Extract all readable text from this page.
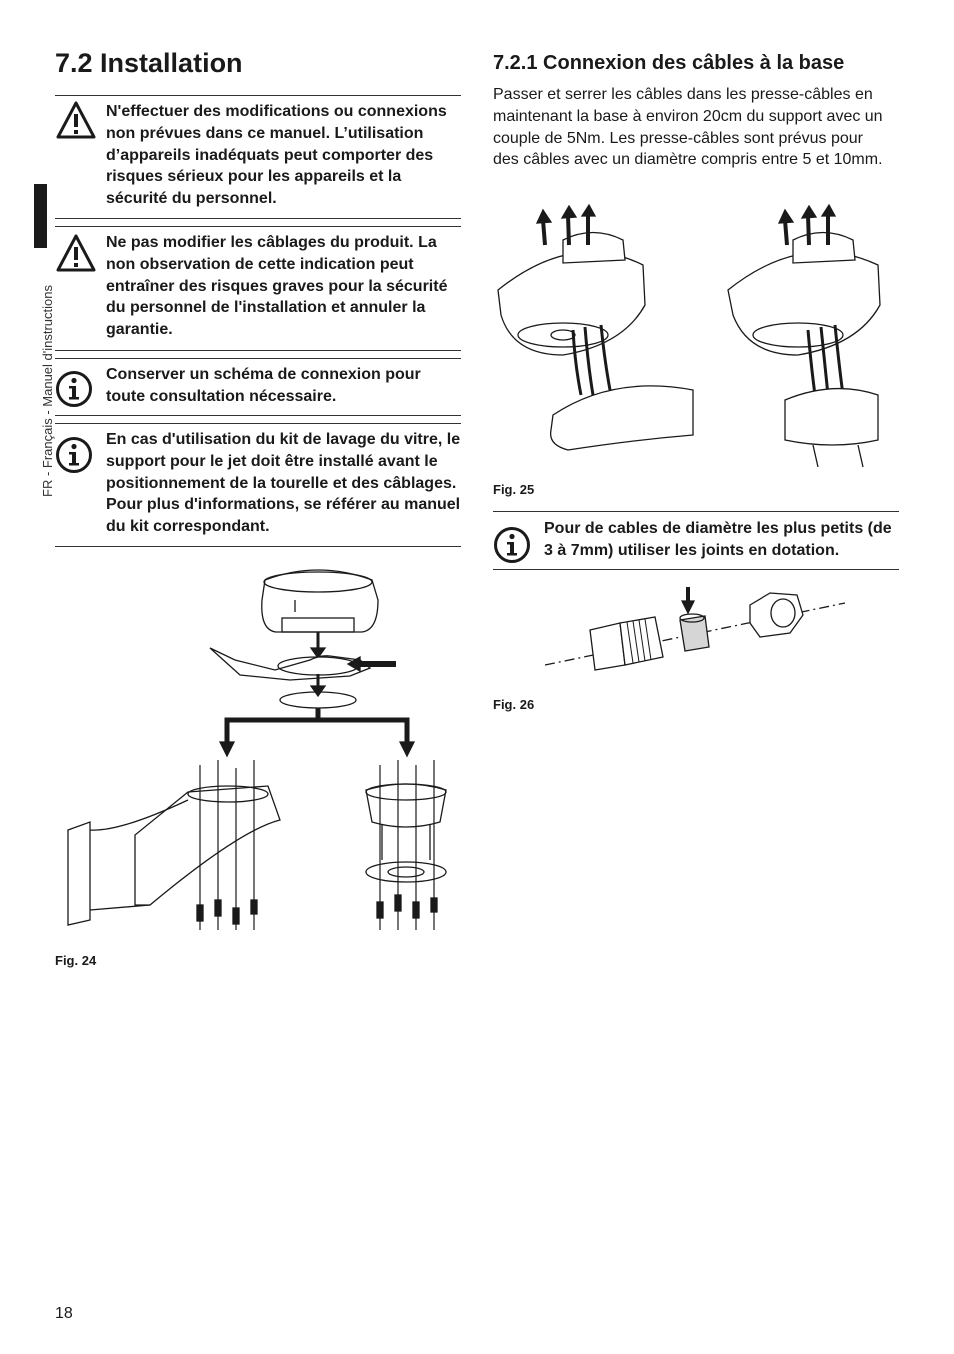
FR - Français - Manuel d'instructions
7.2 Installation
N'effectuer des modifications ou connexions non prévues dans ce manuel. L’utilisation d’appareils inadéquats peut comporter des risques sérieux pour les appareils et la sécurité du personnel.
Ne pas modifier les câblages du produit. La non observation de cette indication peut entraîner des risques graves pour la sécurité du personnel de l'installation et annuler la garantie.
Conserver un schéma de connexion pour toute consultation nécessaire.
En cas d'utilisation du kit de lavage du vitre, le support pour le jet doit être installé avant le positionnement de la tourelle et des câblages. Pour plus d'informations, se référer au manuel du kit correspondant.
Fig. 24
7.2.1 Connexion des câbles à la base
Passer et serrer les câbles dans les presse-câbles en maintenant la base à environ 20cm du support avec un couple de 5Nm. Les presse-câbles sont prévus pour des câbles avec un diamètre compris entre 5 et 10mm.
Fig. 25
Pour de cables de diamètre les plus petits (de 3 à 7mm) utiliser les joints en dotation.
Fig. 26
18
